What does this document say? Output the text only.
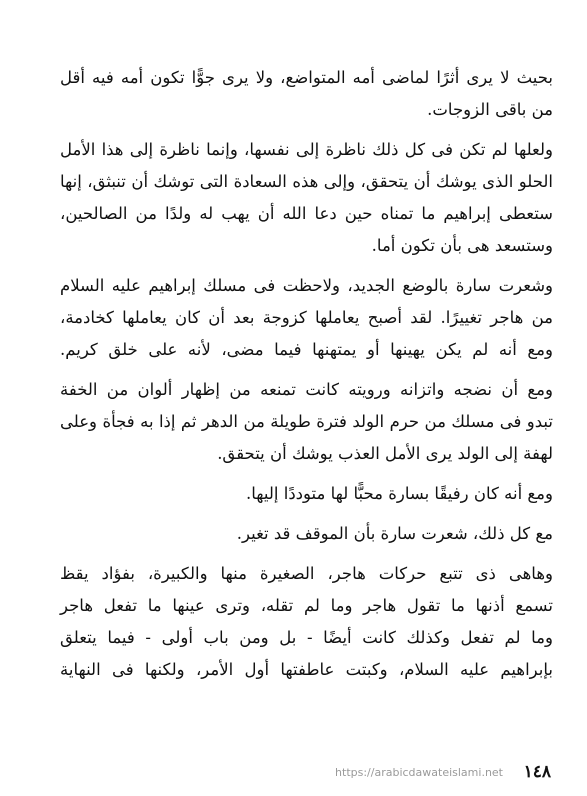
بحيث لا يرى أثرًا لماضى أمه المتواضع، ولا يرى جوًّا تكون أمه فيه أقل
من باقى الزوجات.
ولعلها لم تكن فى كل ذلك ناظرة إلى نفسها، وإنما ناظرة إلى هذا الأمل
الحلو الذى يوشك أن يتحقق، وإلى هذه السعادة التى توشك أن تنبثق، إنها
ستعطى إبراهيم ما تمناه حين دعا الله أن يهب له ولدًا من الصالحين،
وستسعد هى بأن تكون أما.
وشعرت سارة بالوضع الجديد، ولاحظت فى مسلك إبراهيم عليه السلام
من هاجر تغييرًا. لقد أصبح يعاملها كزوجة بعد أن كان يعاملها كخادمة،
ومع أنه لم يكن يهينها أو يمتهنها فيما مضى، لأنه على خلق كريم.
ومع أن نضجه واتزانه ورويته كانت تمنعه من إظهار ألوان من الخفة
تبدو فى مسلك من حرم الولد فترة طويلة من الدهر ثم إذا به فجأة وعلى
لهفة إلى الولد يرى الأمل العذب يوشك أن يتحقق.
ومع أنه كان رفيقًا بسارة محبًّا لها متوددًا إليها.
مع كل ذلك، شعرت سارة بأن الموقف قد تغير.
وهاهى ذى تتبع حركات هاجر، الصغيرة منها والكبيرة، بفؤاد يقظ
تسمع أذنها ما تقول هاجر وما لم تقله، وترى عينها ما تفعل هاجر
وما لم تفعل وكذلك كانت أيضًا - بل ومن باب أولى - فيما يتعلق
بإبراهيم عليه السلام، وكبتت عاطفتها أول الأمر، ولكنها فى النهاية
١٤٨
https://arabicdawateislami.net
